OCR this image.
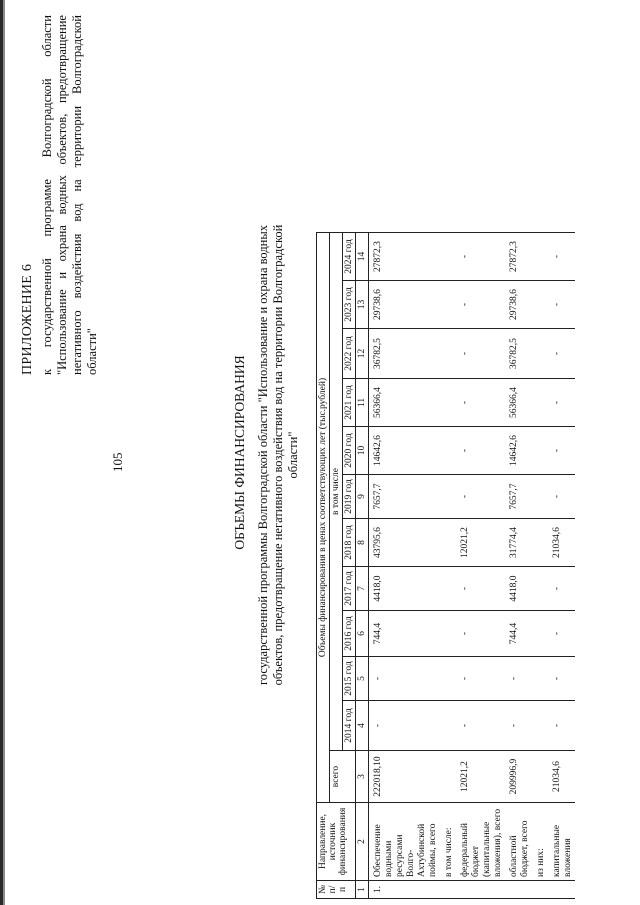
105
ПРИЛОЖЕНИЕ 6 к государственной программе Волгоградской области "Использование и охрана водных объектов, предотвращение негативного воздействия вод на территории Волгоградской области"
ОБЪЕМЫ ФИНАНСИРОВАНИЯ государственной программы Волгоградской области "Использование и охрана водных объектов, предотвращение негативного воздействия вод на территории Волгоградской области"
№ п/п	Направление, источник финансирования	Объемы финансирования в ценах соответствующих лет (тыс.рублей)											
		всего	в том числе										
			2014 год	2015 год	2016 год	2017 год	2018 год	2019 год	2020 год	2021 год	2022 год	2023 год	2024 год
1	2	3	4	5	6	7	8	9	10	11	12	13	14
1.	Обеспечение водными ресурсами Волго-Ахтубинской поймы, всего	222018,10	-	-	744,4	4418,0	43795,6	7657,7	14642,6	56366,4	36782,5	29738,6	27872,3
	в том числе:												
	федеральный бюджет (капитальные вложения), всего	12021,2	-	-	-	-	12021,2	-	-	-	-	-	-
	областной бюджет, всего	209996,9	-	-	744,4	4418,0	31774,4	7657,7	14642,6	56366,4	36782,5	29738,6	27872,3
	из них:												
	капитальные вложения	21034,6	-	-	-	-	21034,6	-	-	-	-	-	-
